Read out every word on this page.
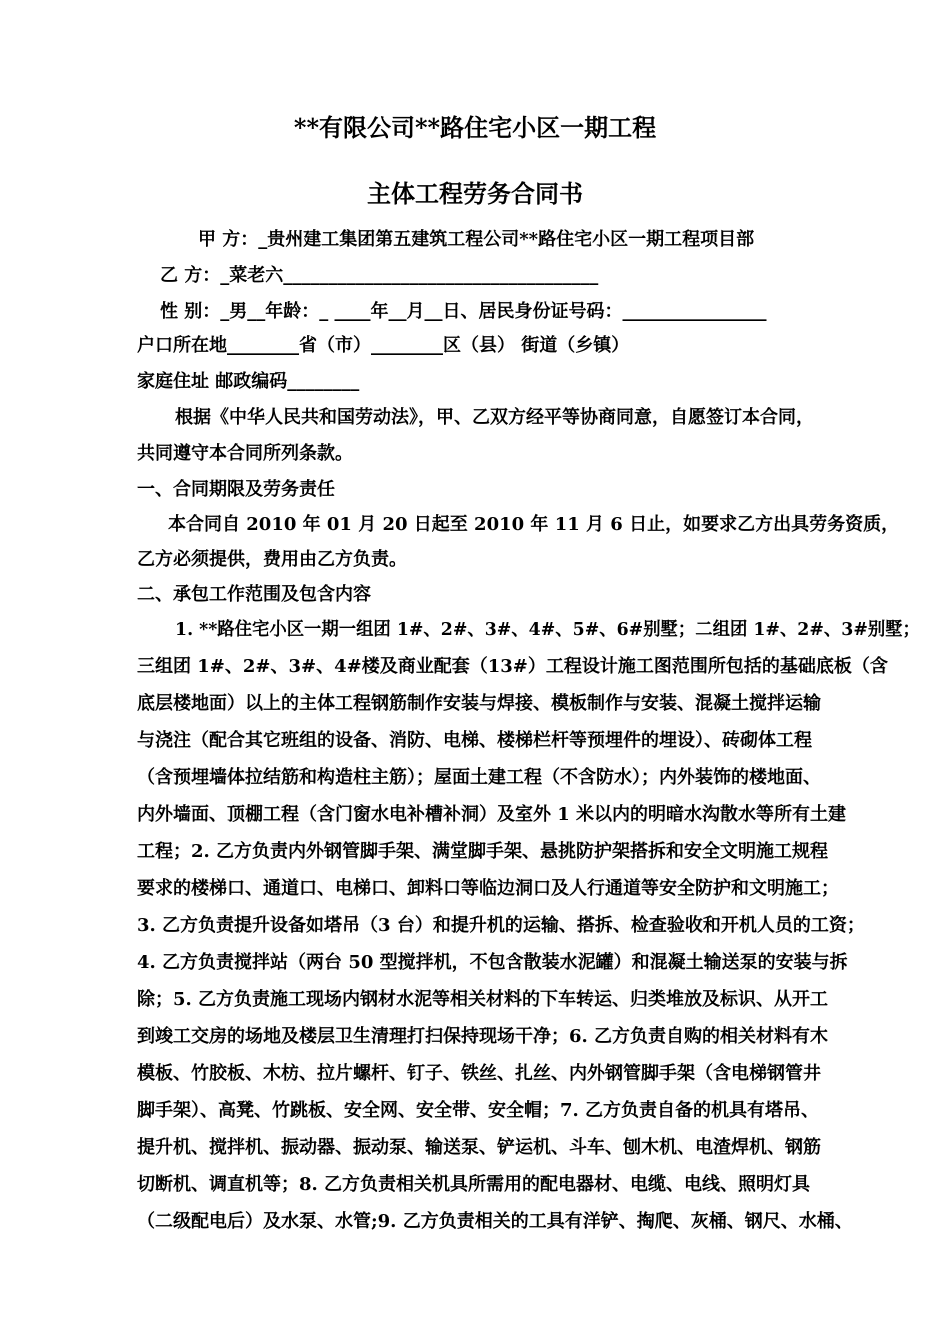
**有限公司**路住宅小区一期工程
主体工程劳务合同书
甲 方：_贵州建工集团第五建筑工程公司**路住宅小区一期工程项目部
乙 方：_菜老六___________________________________
性 别：_男__年龄：_ ____年__月__日、居民身份证号码：________________
户口所在地________省（市）________区（县） 街道（乡镇）
家庭住址 邮政编码________
根据《中华人民共和国劳动法》，甲、乙双方经平等协商同意，自愿签订本合同，
共同遵守本合同所列条款。
一、合同期限及劳务责任
本合同自 2010 年 01 月 20 日起至 2010 年 11 月 6 日止，如要求乙方出具劳务资质，
乙方必须提供，费用由乙方负责。
二、承包工作范围及包含内容
1. **路住宅小区一期一组团 1#、2#、3#、4#、5#、6#别墅；二组团 1#、2#、3#别墅；
三组团 1#、2#、3#、4#楼及商业配套（13#）工程设计施工图范围所包括的基础底板（含
底层楼地面）以上的主体工程钢筋制作安装与焊接、模板制作与安装、混凝土搅拌运输
与浇注（配合其它班组的设备、消防、电梯、楼梯栏杆等预埋件的埋设）、砖砌体工程
（含预埋墙体拉结筋和构造柱主筋）；屋面土建工程（不含防水）；内外装饰的楼地面、
内外墙面、顶棚工程（含门窗水电补槽补洞）及室外 1 米以内的明暗水沟散水等所有土建
工程；2. 乙方负责内外钢管脚手架、满堂脚手架、悬挑防护架搭拆和安全文明施工规程
要求的楼梯口、通道口、电梯口、卸料口等临边洞口及人行通道等安全防护和文明施工；
3. 乙方负责提升设备如塔吊（3 台）和提升机的运输、搭拆、检查验收和开机人员的工资；
4. 乙方负责搅拌站（两台 50 型搅拌机，不包含散装水泥罐）和混凝土输送泵的安装与拆
除；5. 乙方负责施工现场内钢材水泥等相关材料的下车转运、归类堆放及标识、从开工
到竣工交房的场地及楼层卫生清理打扫保持现场干净；6. 乙方负责自购的相关材料有木
模板、竹胶板、木枋、拉片螺杆、钉子、铁丝、扎丝、内外钢管脚手架（含电梯钢管井
脚手架）、高凳、竹跳板、安全网、安全带、安全帽；7. 乙方负责自备的机具有塔吊、
提升机、搅拌机、振动器、振动泵、输送泵、铲运机、斗车、刨木机、电渣焊机、钢筋
切断机、调直机等；8. 乙方负责相关机具所需用的配电器材、电缆、电线、照明灯具
（二级配电后）及水泵、水管;9. 乙方负责相关的工具有洋铲、掏爬、灰桶、钢尺、水桶、
